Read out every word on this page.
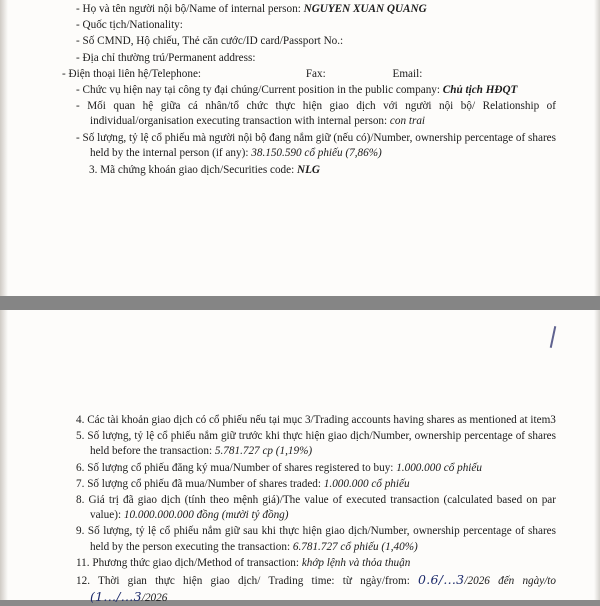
- Họ và tên người nội bộ/Name of internal person: NGUYEN XUAN QUANG

- Quốc tịch/Nationality:

- Số CMND, Hộ chiếu, Thẻ căn cước/ID card/Passport No.:

- Địa chỉ thường trú/Permanent address:

- Điện thoại liên hệ/Telephone:	Fax:	Email:

- Chức vụ hiện nay tại công ty đại chúng/Current position in the public company: Chủ tịch HĐQT

- Mối quan hệ giữa cá nhân/tổ chức thực hiện giao dịch với người nội bộ/ Relationship of individual/organisation executing transaction with internal person: con trai

- Số lượng, tỷ lệ cổ phiếu mà người nội bộ đang nắm giữ (nếu có)/Number, ownership percentage of shares held by the internal person (if any): 38.150.590 cổ phiếu (7,86%)

3. Mã chứng khoán giao dịch/Securities code: NLG

4. Các tài khoản giao dịch có cổ phiếu nếu tại mục 3/Trading accounts having shares as mentioned at item3

5. Số lượng, tỷ lệ cổ phiếu nắm giữ trước khi thực hiện giao dịch/Number, ownership percentage of shares held before the transaction: 5.781.727 cp (1,19%)

6. Số lượng cổ phiếu đăng ký mua/Number of shares registered to buy: 1.000.000 cổ phiếu

7. Số lượng cổ phiếu đã mua/Number of shares traded: 1.000.000 cổ phiếu

8. Giá trị đã giao dịch (tính theo mệnh giá)/The value of executed transaction (calculated based on par value): 10.000.000.000 đồng (mười tỷ đồng)

9. Số lượng, tỷ lệ cổ phiếu nắm giữ sau khi thực hiện giao dịch/Number, ownership percentage of shares held by the person executing the transaction: 6.781.727 cổ phiếu (1,40%)

11. Phương thức giao dịch/Method of transaction: khớp lệnh và thỏa thuận

12. Thời gian thực hiện giao dịch/ Trading time: từ ngày/from: 0.6/...3/2026 đến ngày/to (1.../...3/2026
